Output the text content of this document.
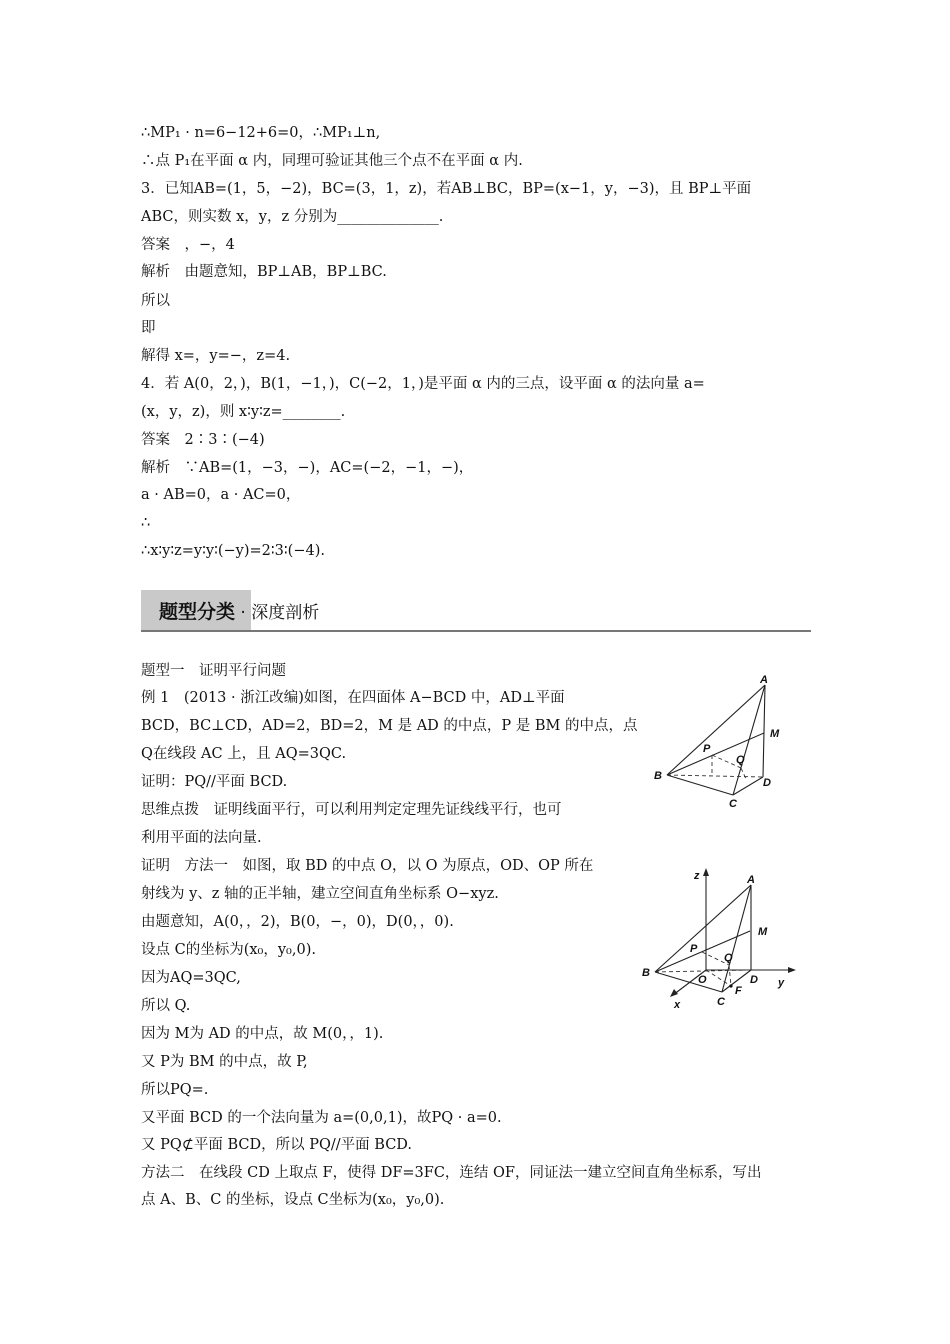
∴MP₁ · n=6−12+6=0，∴MP₁⊥n,
∴点 P₁在平面 α 内，同理可验证其他三个点不在平面 α 内.
3．已知AB=(1，5，−2)，BC=(3，1，z)，若AB⊥BC，BP=(x−1，y，−3)，且 BP⊥平面
ABC，则实数 x，y，z 分别为______________.
答案　，−，4
解析　由题意知，BP⊥AB，BP⊥BC.
所以
即
解得 x=，y=−，z=4.
4．若 A(0，2，)，B(1，−1，)，C(−2，1，)是平面 α 内的三点，设平面 α 的法向量 a=
(x，y，z)，则 x∶y∶z=________.
答案　2∶3∶(−4)
解析　∵AB=(1，−3，−)，AC=(−2，−1，−)，
a · AB=0，a · AC=0，
∴
∴x∶y∶z=y∶y∶(−y)=2∶3∶(−4).
题型分类 · 深度剖析
题型一　证明平行问题
例 1　(2013 · 浙江改编)如图，在四面体 A−BCD 中，AD⊥平面
BCD，BC⊥CD，AD=2，BD=2，M 是 AD 的中点，P 是 BM 的中点，点
Q在线段 AC 上，且 AQ=3QC.
证明：PQ//平面 BCD.
思维点拨　证明线面平行，可以利用判定定理先证线线平行，也可
利用平面的法向量.
证明　方法一　如图，取 BD 的中点 O，以 O 为原点，OD、OP 所在
射线为 y、z 轴的正半轴，建立空间直角坐标系 O−xyz.
由题意知，A(0，，2)，B(0，−，0)，D(0，，0).
设点 C的坐标为(x₀，y₀,0).
因为AQ=3QC,
所以 Q.
因为 M为 AD 的中点，故 M(0，，1).
又 P为 BM 的中点，故 P,
所以PQ=.
又平面 BCD 的一个法向量为 a=(0,0,1)，故PQ · a=0.
又 PQ⊄平面 BCD，所以 PQ//平面 BCD.
方法二　在线段 CD 上取点 F，使得 DF=3FC，连结 OF，同证法一建立空间直角坐标系，写出
点 A、B、C 的坐标，设点 C坐标为(x₀，y₀,0).
A
M
P
Q
B
D
C
z	A
M
P
Q
B
O	D y
x	C
F
